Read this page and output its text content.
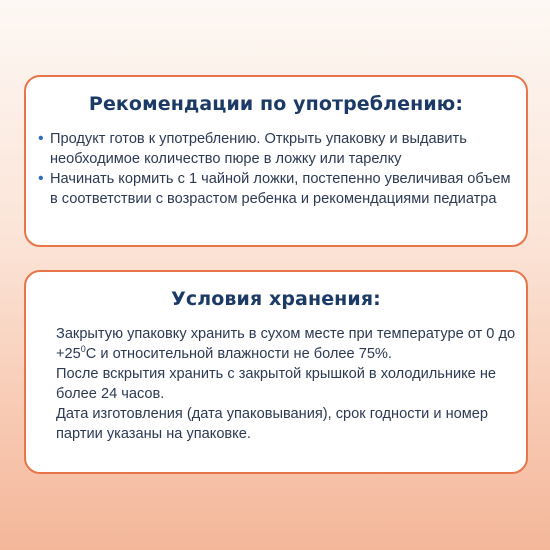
Рекомендации по употреблению:
• Продукт готов к употреблению. Открыть упаковку и выдавить необходимое количество пюре в ложку или тарелку
• Начинать кормить с 1 чайной ложки, постепенно увеличивая объем в соответствии с возрастом ребенка и рекомендациями педиатра
Условия хранения:
Закрытую упаковку хранить в сухом месте при температуре от 0 до $+25^0С$ и относительной влажности не более 75%.
После вскрытия хранить с закрытой крышкой в холодильнике не более 24 часов.
Дата изготовления (дата упаковывания), срок годности и номер партии указаны на упаковке.
